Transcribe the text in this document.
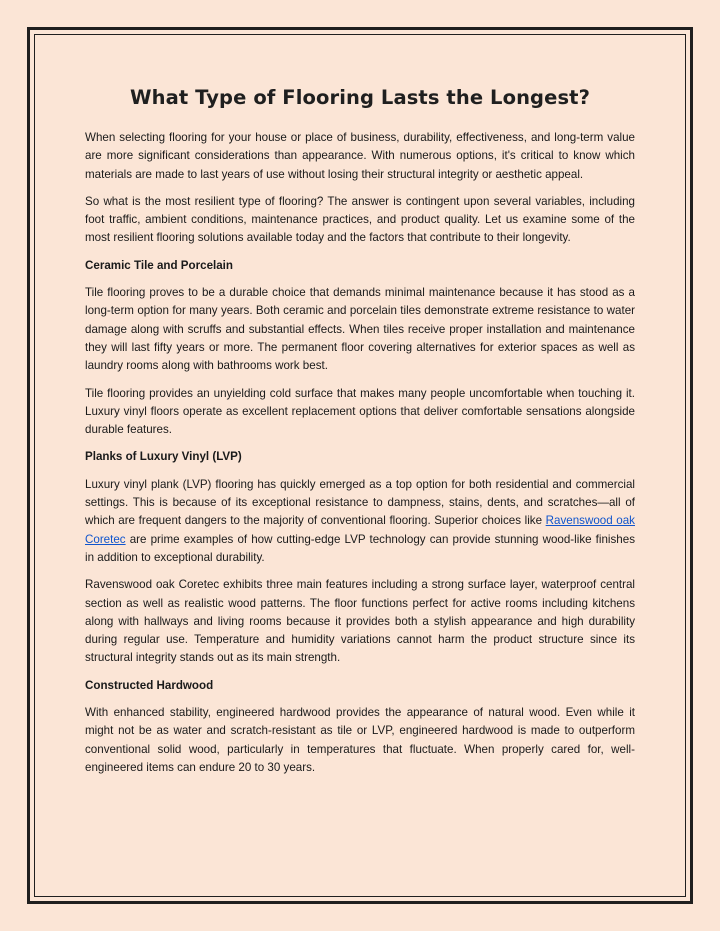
What Type of Flooring Lasts the Longest?

When selecting flooring for your house or place of business, durability, effectiveness, and long-term value are more significant considerations than appearance. With numerous options, it's critical to know which materials are made to last years of use without losing their structural integrity or aesthetic appeal.

So what is the most resilient type of flooring? The answer is contingent upon several variables, including foot traffic, ambient conditions, maintenance practices, and product quality. Let us examine some of the most resilient flooring solutions available today and the factors that contribute to their longevity.

Ceramic Tile and Porcelain

Tile flooring proves to be a durable choice that demands minimal maintenance because it has stood as a long-term option for many years. Both ceramic and porcelain tiles demonstrate extreme resistance to water damage along with scruffs and substantial effects. When tiles receive proper installation and maintenance they will last fifty years or more. The permanent floor covering alternatives for exterior spaces as well as laundry rooms along with bathrooms work best.

Tile flooring provides an unyielding cold surface that makes many people uncomfortable when touching it. Luxury vinyl floors operate as excellent replacement options that deliver comfortable sensations alongside durable features.

Planks of Luxury Vinyl (LVP)

Luxury vinyl plank (LVP) flooring has quickly emerged as a top option for both residential and commercial settings. This is because of its exceptional resistance to dampness, stains, dents, and scratches—all of which are frequent dangers to the majority of conventional flooring. Superior choices like Ravenswood oak Coretec are prime examples of how cutting-edge LVP technology can provide stunning wood-like finishes in addition to exceptional durability.

Ravenswood oak Coretec exhibits three main features including a strong surface layer, waterproof central section as well as realistic wood patterns. The floor functions perfect for active rooms including kitchens along with hallways and living rooms because it provides both a stylish appearance and high durability during regular use. Temperature and humidity variations cannot harm the product structure since its structural integrity stands out as its main strength.

Constructed Hardwood

With enhanced stability, engineered hardwood provides the appearance of natural wood. Even while it might not be as water and scratch-resistant as tile or LVP, engineered hardwood is made to outperform conventional solid wood, particularly in temperatures that fluctuate. When properly cared for, well-engineered items can endure 20 to 30 years.
